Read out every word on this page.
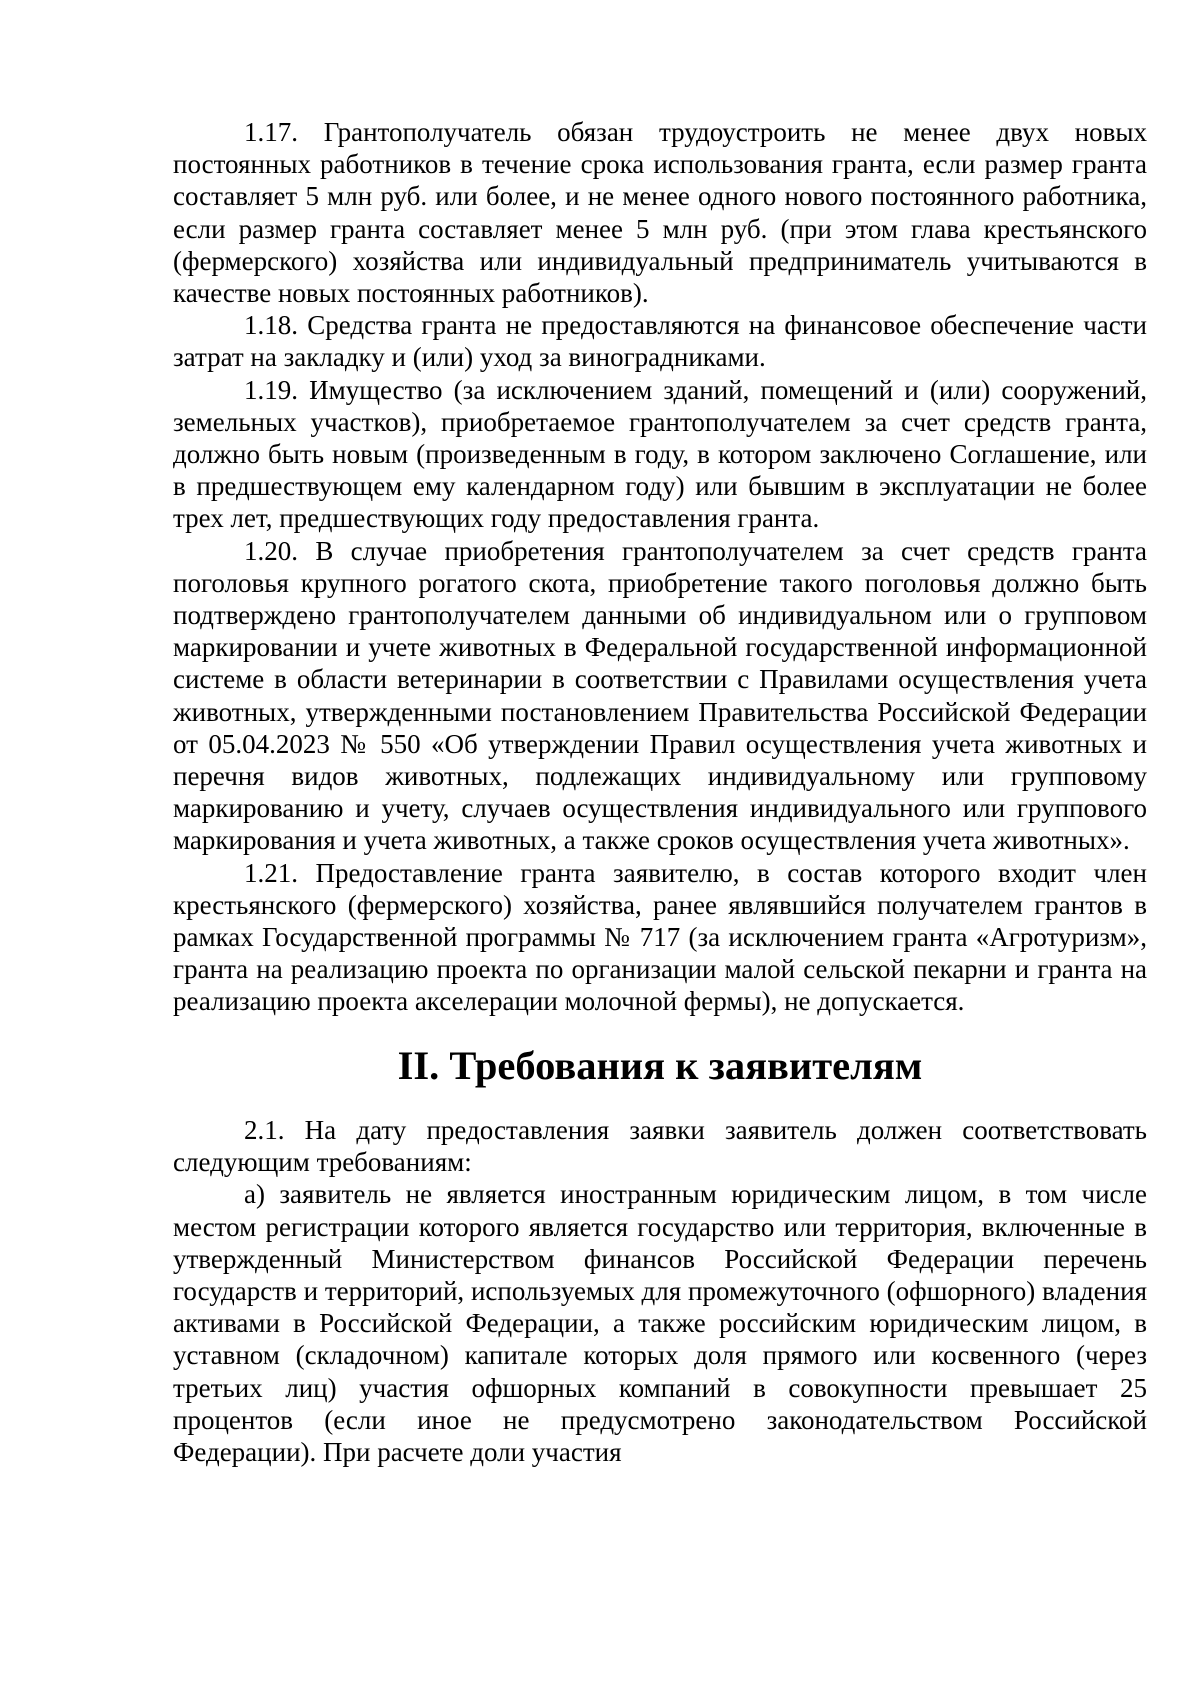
1.17. Грантополучатель обязан трудоустроить не менее двух новых постоянных работников в течение срока использования гранта, если размер гранта составляет 5 млн руб. или более, и не менее одного нового постоянного работника, если размер гранта составляет менее 5 млн руб. (при этом глава крестьянского (фермерского) хозяйства или индивидуальный предприниматель учитываются в качестве новых постоянных работников).

1.18. Средства гранта не предоставляются на финансовое обеспечение части затрат на закладку и (или) уход за виноградниками.

1.19. Имущество (за исключением зданий, помещений и (или) сооружений, земельных участков), приобретаемое грантополучателем за счет средств гранта, должно быть новым (произведенным в году, в котором заключено Соглашение, или в предшествующем ему календарном году) или бывшим в эксплуатации не более трех лет, предшествующих году предоставления гранта.

1.20. В случае приобретения грантополучателем за счет средств гранта поголовья крупного рогатого скота, приобретение такого поголовья должно быть подтверждено грантополучателем данными об индивидуальном или о групповом маркировании и учете животных в Федеральной государственной информационной системе в области ветеринарии в соответствии с Правилами осуществления учета животных, утвержденными постановлением Правительства Российской Федерации от 05.04.2023 № 550 «Об утверждении Правил осуществления учета животных и перечня видов животных, подлежащих индивидуальному или групповому маркированию и учету, случаев осуществления индивидуального или группового маркирования и учета животных, а также сроков осуществления учета животных».

1.21. Предоставление гранта заявителю, в состав которого входит член крестьянского (фермерского) хозяйства, ранее являвшийся получателем грантов в рамках Государственной программы № 717 (за исключением гранта «Агротуризм», гранта на реализацию проекта по организации малой сельской пекарни и гранта на реализацию проекта акселерации молочной фермы), не допускается.

II. Требования к заявителям

2.1. На дату предоставления заявки заявитель должен соответствовать следующим требованиям:

а) заявитель не является иностранным юридическим лицом, в том числе местом регистрации которого является государство или территория, включенные в утвержденный Министерством финансов Российской Федерации перечень государств и территорий, используемых для промежуточного (офшорного) владения активами в Российской Федерации, а также российским юридическим лицом, в уставном (складочном) капитале которых доля прямого или косвенного (через третьих лиц) участия офшорных компаний в совокупности превышает 25 процентов (если иное не предусмотрено законодательством Российской Федерации). При расчете доли участия
